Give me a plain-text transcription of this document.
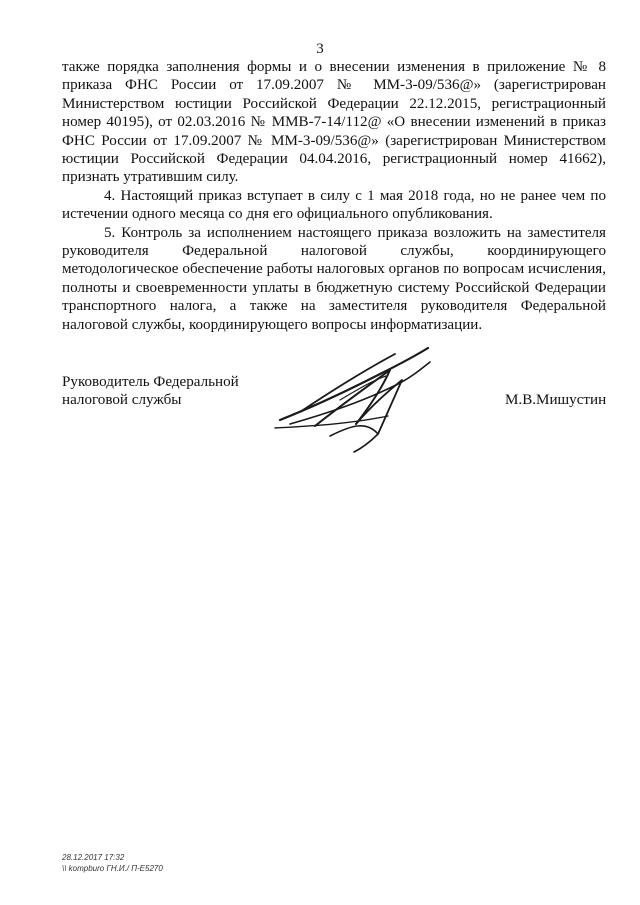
3

также порядка заполнения формы и о внесении изменения в приложение № 8 приказа ФНС России от 17.09.2007 № ММ-3-09/536@» (зарегистрирован Министерством юстиции Российской Федерации 22.12.2015, регистрационный номер 40195), от 02.03.2016 № ММВ-7-14/112@ «О внесении изменений в приказ ФНС России от 17.09.2007 № ММ-3-09/536@» (зарегистрирован Министерством юстиции Российской Федерации 04.04.2016, регистрационный номер 41662), признать утратившим силу.

4. Настоящий приказ вступает в силу с 1 мая 2018 года, но не ранее чем по истечении одного месяца со дня его официального опубликования.

5. Контроль за исполнением настоящего приказа возложить на заместителя руководителя Федеральной налоговой службы, координирующего методологическое обеспечение работы налоговых органов по вопросам исчисления, полноты и своевременности уплаты в бюджетную систему Российской Федерации транспортного налога, а также на заместителя руководителя Федеральной налоговой службы, координирующего вопросы информатизации.

Руководитель Федеральной
налоговой службы	М.В.Мишустин
28.12.2017 17:32
\\ kompburo ГН.И./ П-Е5270
